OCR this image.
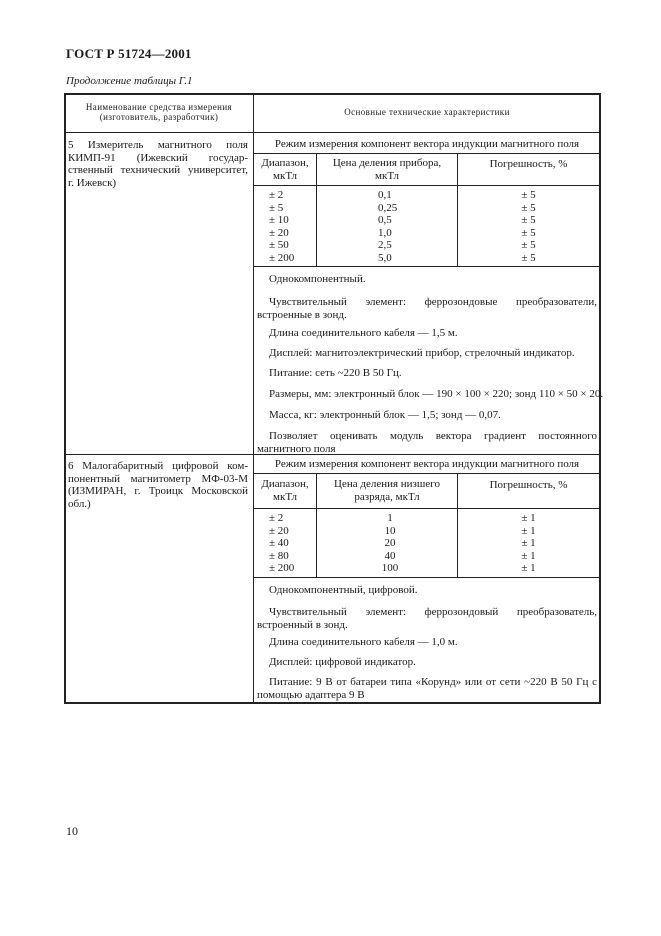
ГОСТ Р 51724—2001
Продолжение таблицы Г.1
Наименование средства измерения
(изготовитель, разработчик)	Основные технические характеристики
5 Измеритель магнитного поля
КИМП-91 (Ижевский государ-
ственный технический университет,
г. Ижевск)
Режим измерения компонент вектора индукции магнитного поля
Диапазон,
мкТл
Цена деления прибора,
мкТл
Погрешность, %
± 2
± 5
± 10
± 20
± 50
± 200
0,1
0,25
0,5
1,0
2,5
5,0
± 5
± 5
± 5
± 5
± 5
± 5
Однокомпонентный.
Чувствительный элемент: феррозондовые преобразователи,
встроенные в зонд.
Длина соединительного кабеля — 1,5 м.
Дисплей: магнитоэлектрический прибор, стрелочный индикатор.
Питание: сеть ~220 В 50 Гц.
Размеры, мм: электронный блок — 190 × 100 × 220; зонд 110 × 50 × 20.
Масса, кг: электронный блок — 1,5; зонд — 0,07.
Позволяет оценивать модуль вектора градиент постоянного
магнитного поля
6 Малогабаритный цифровой ком-
понентный магнитометр МФ-03-М
(ИЗМИРАН, г. Троицк Московской
обл.)
Режим измерения компонент вектора индукции магнитного поля
Диапазон,
мкТл
Цена деления низшего
разряда, мкТл
Погрешность, %
± 2
± 20
± 40
± 80
± 200
1
10
20
40
100
± 1
± 1
± 1
± 1
± 1
Однокомпонентный, цифровой.
Чувствительный элемент: феррозондовый преобразователь,
встроенный в зонд.
Длина соединительного кабеля — 1,0 м.
Дисплей: цифровой индикатор.
Питание: 9 В от батареи типа «Корунд» или от сети ~220 В 50 Гц с
помощью адаптера 9 В
10
